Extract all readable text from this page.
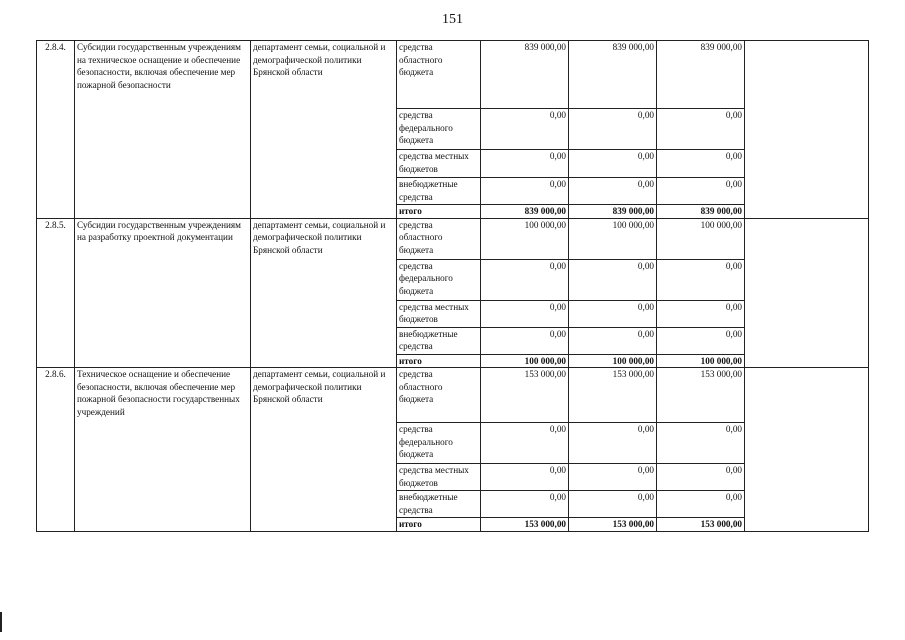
151
2.8.4.	Субсидии государственным учреждениям на техническое оснащение и обеспечение безопасности, включая обеспечение мер пожарной безопасности	департамент семьи, социальной и демографической политики Брянской области	средства областного бюджета	839 000,00	839 000,00	839 000,00	
			средства федерального бюджета	0,00	0,00	0,00	
			средства местных бюджетов	0,00	0,00	0,00	
			внебюджетные средства	0,00	0,00	0,00	
			итого	839 000,00	839 000,00	839 000,00	
2.8.5.	Субсидии государственным учреждениям на разработку проектной документации	департамент семьи, социальной и демографической политики Брянской области	средства областного бюджета	100 000,00	100 000,00	100 000,00	
			средства федерального бюджета	0,00	0,00	0,00	
			средства местных бюджетов	0,00	0,00	0,00	
			внебюджетные средства	0,00	0,00	0,00	
			итого	100 000,00	100 000,00	100 000,00	
2.8.6.	Техническое оснащение и обеспечение безопасности, включая обеспечение мер пожарной безопасности государственных учреждений	департамент семьи, социальной и демографической политики Брянской области	средства областного бюджета	153 000,00	153 000,00	153 000,00	
			средства федерального бюджета	0,00	0,00	0,00	
			средства местных бюджетов	0,00	0,00	0,00	
			внебюджетные средства	0,00	0,00	0,00	
			итого	153 000,00	153 000,00	153 000,00	
